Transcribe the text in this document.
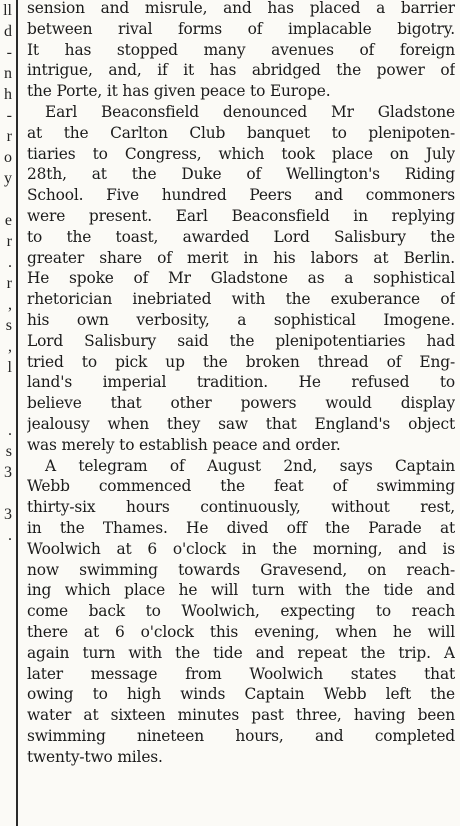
ll
d
-
n
h
-
r
o
y
e
r
.
r
,
s
,
l
.
s
3
3
.
sension and misrule, and has placed a barrier
between rival forms of implacable bigotry.
It has stopped many avenues of foreign
intrigue, and, if it has abridged the power of
the Porte, it has given peace to Europe.
Earl Beaconsfield denounced Mr Gladstone
at the Carlton Club banquet to plenipoten-
tiaries to Congress, which took place on July
28th, at the Duke of Wellington's Riding
School. Five hundred Peers and commoners
were present. Earl Beaconsfield in replying
to the toast, awarded Lord Salisbury the
greater share of merit in his labors at Berlin.
He spoke of Mr Gladstone as a sophistical
rhetorician inebriated with the exuberance of
his own verbosity, a sophistical Imogene.
Lord Salisbury said the plenipotentiaries had
tried to pick up the broken thread of Eng-
land's imperial tradition. He refused to
believe that other powers would display
jealousy when they saw that England's object
was merely to establish peace and order.
A telegram of August 2nd, says Captain
Webb commenced the feat of swimming
thirty-six hours continuously, without rest,
in the Thames. He dived off the Parade at
Woolwich at 6 o'clock in the morning, and is
now swimming towards Gravesend, on reach-
ing which place he will turn with the tide and
come back to Woolwich, expecting to reach
there at 6 o'clock this evening, when he will
again turn with the tide and repeat the trip. A
later message from Woolwich states that
owing to high winds Captain Webb left the
water at sixteen minutes past three, having been
swimming nineteen hours, and completed
twenty-two miles.
